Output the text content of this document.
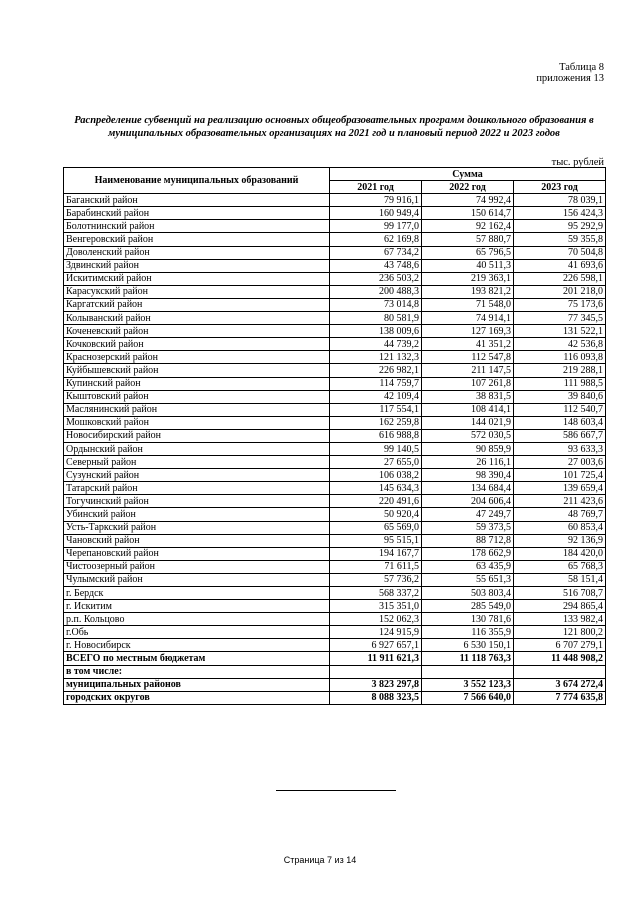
Таблица 8
приложения 13
Распределение субвенций на реализацию основных общеобразовательных программ дошкольного образования в
муниципальных образовательных организациях на 2021 год и плановый период 2022 и 2023 годов
тыс. рублей
Наименование муниципальных образований	Сумма		
	2021 год	2022 год	2023 год
Баганский район	79 916,1	74 992,4	78 039,1
Барабинский район	160 949,4	150 614,7	156 424,3
Болотнинский район	99 177,0	92 162,4	95 292,9
Венгеровский район	62 169,8	57 880,7	59 355,8
Доволенский район	67 734,2	65 796,5	70 504,8
Здвинский район	43 748,6	40 511,3	41 693,6
Искитимский район	236 503,2	219 363,1	226 598,1
Карасукский район	200 488,3	193 821,2	201 218,0
Каргатский район	73 014,8	71 548,0	75 173,6
Колыванский район	80 581,9	74 914,1	77 345,5
Коченевский район	138 009,6	127 169,3	131 522,1
Кочковский район	44 739,2	41 351,2	42 536,8
Краснозерский район	121 132,3	112 547,8	116 093,8
Куйбышевский район	226 982,1	211 147,5	219 288,1
Купинский район	114 759,7	107 261,8	111 988,5
Кыштовский район	42 109,4	38 831,5	39 840,6
Маслянинский район	117 554,1	108 414,1	112 540,7
Мошковский район	162 259,8	144 021,9	148 603,4
Новосибирский район	616 988,8	572 030,5	586 667,7
Ордынский район	99 140,5	90 859,9	93 633,3
Северный район	27 655,0	26 116,1	27 003,6
Сузунский район	106 038,2	98 390,4	101 725,4
Татарский район	145 634,3	134 684,4	139 659,4
Тогучинский район	220 491,6	204 606,4	211 423,6
Убинский район	50 920,4	47 249,7	48 769,7
Усть-Таркский район	65 569,0	59 373,5	60 853,4
Чановский район	95 515,1	88 712,8	92 136,9
Черепановский район	194 167,7	178 662,9	184 420,0
Чистоозерный район	71 611,5	63 435,9	65 768,3
Чулымский район	57 736,2	55 651,3	58 151,4
г. Бердск	568 337,2	503 803,4	516 708,7
г. Искитим	315 351,0	285 549,0	294 865,4
р.п. Кольцово	152 062,3	130 781,6	133 982,4
г.Обь	124 915,9	116 355,9	121 800,2
г. Новосибирск	6 927 657,1	6 530 150,1	6 707 279,1
ВСЕГО по местным бюджетам	11 911 621,3	11 118 763,3	11 448 908,2
в том числе:			
муниципальных районов	3 823 297,8	3 552 123,3	3 674 272,4
городских округов	8 088 323,5	7 566 640,0	7 774 635,8
Страница 7 из 14
